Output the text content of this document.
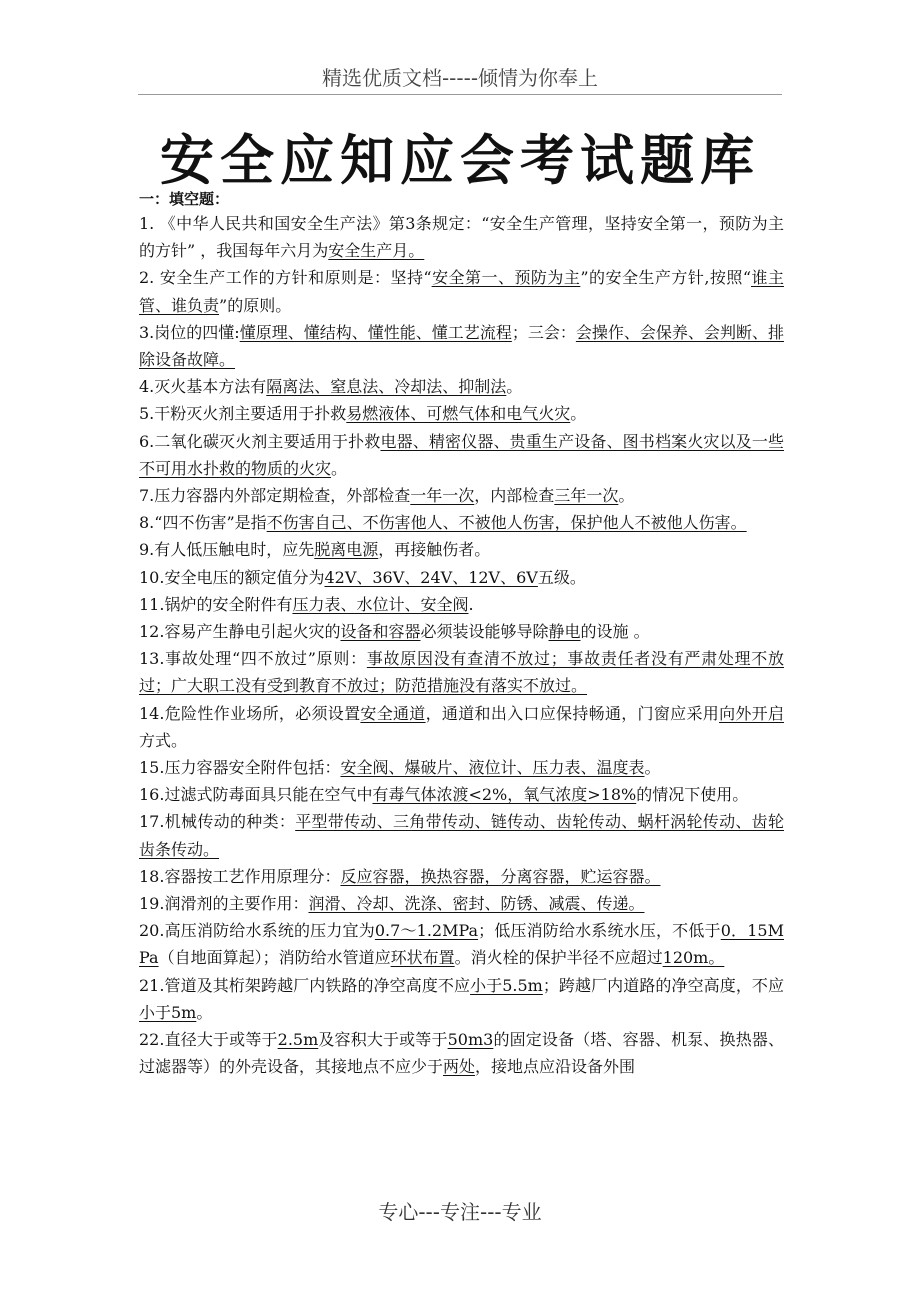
精选优质文档-----倾情为你奉上
安全应知应会考试题库
一：填空题：

1. 《中华人民共和国安全生产法》第3条规定：“安全生产管理，坚持安全第一，预防为主的方针” ，我国每年六月为安全生产月。

2. 安全生产工作的方针和原则是：坚持“安全第一、预防为主”的安全生产方针,按照“谁主管、谁负责”的原则。

3.岗位的四懂:懂原理、懂结构、懂性能、懂工艺流程；三会：会操作、会保养、会判断、排除设备故障。

4.灭火基本方法有隔离法、窒息法、冷却法、抑制法。

5.干粉灭火剂主要适用于扑救易燃液体、可燃气体和电气火灾。

6.二氧化碳灭火剂主要适用于扑救电器、精密仪器、贵重生产设备、图书档案火灾以及一些不可用水扑救的物质的火灾。

7.压力容器内外部定期检查，外部检查一年一次，内部检查三年一次。

8.“四不伤害”是指不伤害自己、不伤害他人、不被他人伤害，保护他人不被他人伤害。

9.有人低压触电时，应先脱离电源，再接触伤者。

10.安全电压的额定值分为42V、36V、24V、12V、6V五级。

11.锅炉的安全附件有压力表、水位计、安全阀.

12.容易产生静电引起火灾的设备和容器必须装设能够导除静电的设施 。

13.事故处理“四不放过”原则：事故原因没有查清不放过；事故责任者没有严肃处理不放过；广大职工没有受到教育不放过；防范措施没有落实不放过。

14.危险性作业场所，必须设置安全通道，通道和出入口应保持畅通，门窗应采用向外开启方式。

15.压力容器安全附件包括：安全阀、爆破片、液位计、压力表、温度表。

16.过滤式防毒面具只能在空气中有毒气体浓渡<2%，氧气浓度>18%的情况下使用。

17.机械传动的种类：平型带传动、三角带传动、链传动、齿轮传动、蜗杆涡轮传动、齿轮齿条传动。

18.容器按工艺作用原理分：反应容器，换热容器，分离容器，贮运容器。

19.润滑剂的主要作用：润滑、冷却、洗涤、密封、防锈、减震、传递。

20.高压消防给水系统的压力宜为0.7～1.2MPa；低压消防给水系统水压，不低于0．15MPa（自地面算起）；消防给水管道应环状布置。消火栓的保护半径不应超过120m。

21.管道及其桁架跨越厂内铁路的净空高度不应小于5.5m；跨越厂内道路的净空高度，不应小于5m。

22.直径大于或等于2.5m及容积大于或等于50m3的固定设备（塔、容器、机泵、换热器、过滤器等）的外壳设备，其接地点不应少于两处，接地点应沿设备外围

专心---专注---专业
